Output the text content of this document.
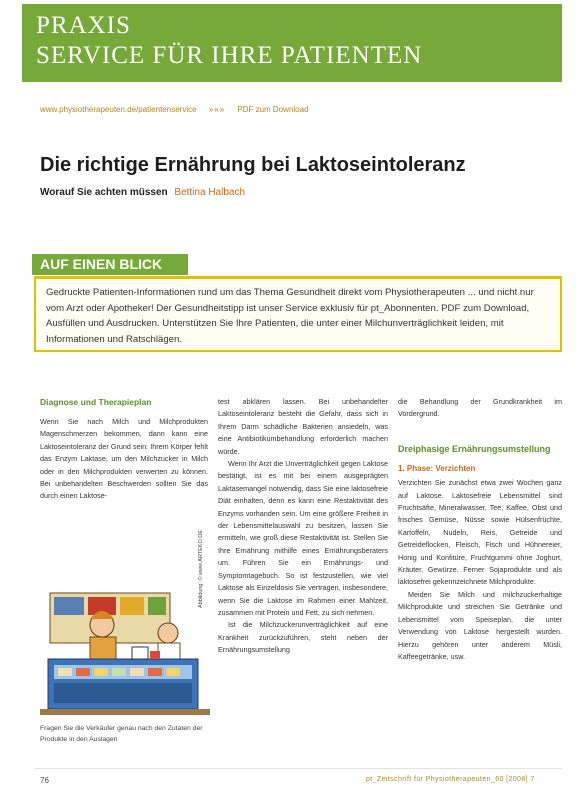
PRAXIS
SERVICE FÜR IHRE PATIENTEN
www.physiotherapeuten.de/patientenservice »»» PDF zum Download
Die richtige Ernährung bei Laktoseintoleranz
Worauf Sie achten müssen Bettina Halbach
AUF EINEN BLICK
Gedruckte Patienten-Informationen rund um das Thema Gesundheit direkt vom Physiotherapeuten ... und nicht nur vom Arzt oder Apotheker! Der Gesundheitstipp ist unser Service exklusiv für pt_Abonnenten. PDF zum Download, Ausfüllen und Ausdrucken. Unterstützen Sie Ihre Patienten, die unter einer Milchunverträglichkeit leiden, mit Informationen und Ratschlägen.
Diagnose und Therapieplan

Wenn Sie nach Milch und Milchprodukten Magenschmerzen bekommen, dann kann eine Laktoseintoleranz der Grund sein: Ihrem Körper fehlt das Enzym Laktase, um den Milchzucker in Milch oder in den Milchprodukten verwerten zu können. Bei unbehandelten Beschwerden sollten Sie das durch einen Laktose-

Abbildung: © www.ARTEKO.DE
Fragen Sie die Verkäufer genau nach den Zutaten der Produkte in den Auslagen

test abklären lassen. Bei unbehandelter Laktoseintoleranz besteht die Gefahr, dass sich in Ihrem Darm schädliche Bakterien ansiedeln, was eine Antibiotikumbehandlung erforderlich machen würde.

Wenn Ihr Arzt die Unverträglichkeit gegen Laktose bestätigt, ist es mit bei einem ausgeprägten Laktasemangel notwendig, dass Sie eine laktosefreie Diät einhalten, denn es kann eine Restaktivität des Enzyms vorhanden sein. Um eine größere Freiheit in der Lebensmittelauswahl zu besitzen, lassen Sie ermitteln, wie groß diese Restaktivität ist. Stellen Sie Ihre Ernährung mithilfe eines Ernährungsberaters um. Führen Sie ein Ernährungs- und Symptomtagebuch. So ist festzustellen, wie viel Laktose als Einzeldosis Sie vertragen, insbesondere, wenn Sie die Laktose im Rahmen einer Mahlzeit, zusammen mit Protein und Fett, zu sich nehmen.

Ist die Milchzuckerunverträglichkeit auf eine Krankheit zurückzuführen, steht neben der Ernährungsumstellung

die Behandlung der Grundkrankheit im Vordergrund.

Dreiphasige Ernährungsumstellung
1. Phase: Verzichten

Verzichten Sie zunächst etwa zwei Wochen ganz auf Laktose. Laktosefreie Lebensmittel sind Fruchtsäfte, Mineralwasser, Tee, Kaffee, Obst und frisches Gemüse, Nüsse sowie Hülsenfrüchte, Kartoffeln, Nudeln, Reis, Getreide und Getreideflocken, Fleisch, Fisch und Hühnereier, Honig und Konfitüre, Fruchtgummi ohne Joghurt, Kräuter, Gewürze. Ferner Sojaprodukte und als laktosefrei gekennzeichnete Milchprodukte.

Meiden Sie Milch und milchzuckerhaltige Milchprodukte und streichen Sie Getränke und Lebensmittel vom Speiseplan, die unter Verwendung von Laktose hergestellt wurden. Hierzu gehören unter anderem Müsli, Kaffeegetränke, usw.

76	pt_Zeitschrift für Physiotherapeuten_60 [2008] 7
